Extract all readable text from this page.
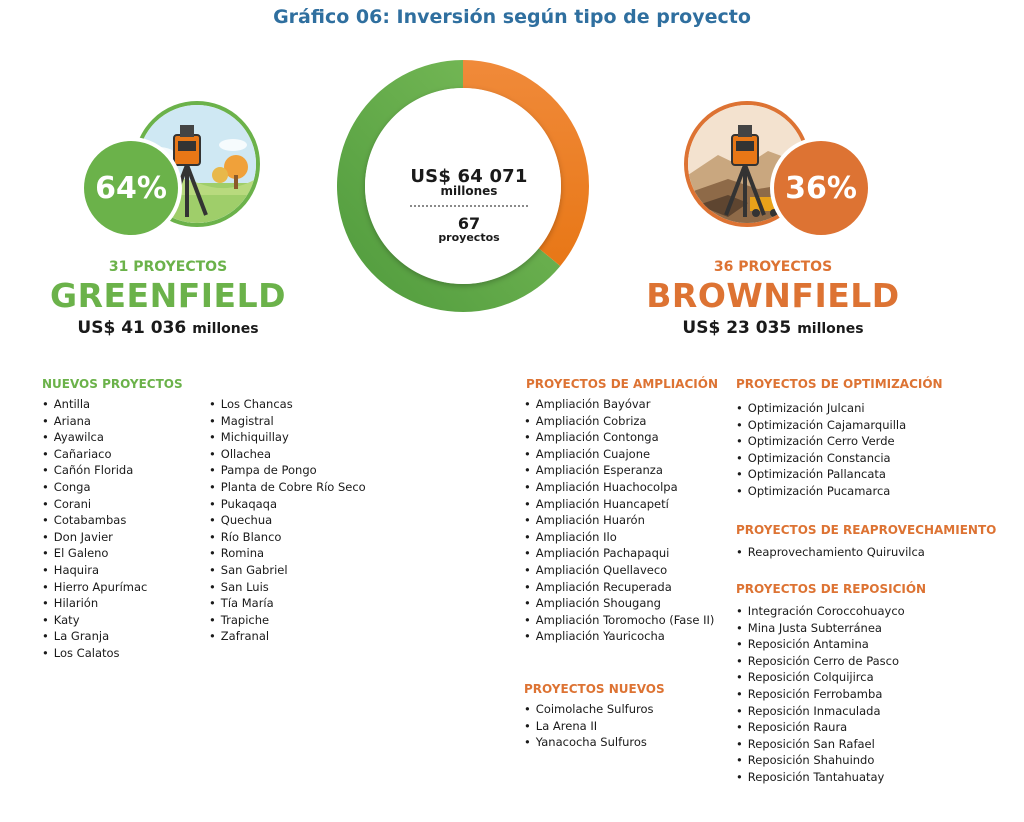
Gráfico 06: Inversión según tipo de proyecto
US$ 64 071
millones
67
proyectos
64%	36%
31 PROYECTOS
GREENFIELD
US$ 41 036 millones
36 PROYECTOS
BROWNFIELD
US$ 23 035 millones
NUEVOS PROYECTOS
• Antilla
• Ariana
• Ayawilca
• Cañariaco
• Cañón Florida
• Conga
• Corani
• Cotabambas
• Don Javier
• El Galeno
• Haquira
• Hierro Apurímac
• Hilarión
• Katy
• La Granja
• Los Calatos
• Los Chancas
• Magistral
• Michiquillay
• Ollachea
• Pampa de Pongo
• Planta de Cobre Río Seco
• Pukaqaqa
• Quechua
• Río Blanco
• Romina
• San Gabriel
• San Luis
• Tía María
• Trapiche
• Zafranal
PROYECTOS DE AMPLIACIÓN
• Ampliación Bayóvar
• Ampliación Cobriza
• Ampliación Contonga
• Ampliación Cuajone
• Ampliación Esperanza
• Ampliación Huachocolpa
• Ampliación Huancapetí
• Ampliación Huarón
• Ampliación Ilo
• Ampliación Pachapaqui
• Ampliación Quellaveco
• Ampliación Recuperada
• Ampliación Shougang
• Ampliación Toromocho (Fase II)
• Ampliación Yauricocha
PROYECTOS NUEVOS
• Coimolache Sulfuros
• La Arena II
• Yanacocha Sulfuros
PROYECTOS DE OPTIMIZACIÓN
• Optimización Julcani
• Optimización Cajamarquilla
• Optimización Cerro Verde
• Optimización Constancia
• Optimización Pallancata
• Optimización Pucamarca
PROYECTOS DE REAPROVECHAMIENTO
• Reaprovechamiento Quiruvilca
PROYECTOS DE REPOSICIÓN
• Integración Coroccohuayco
• Mina Justa Subterránea
• Reposición Antamina
• Reposición Cerro de Pasco
• Reposición Colquijirca
• Reposición Ferrobamba
• Reposición Inmaculada
• Reposición Raura
• Reposición San Rafael
• Reposición Shahuindo
• Reposición Tantahuatay
